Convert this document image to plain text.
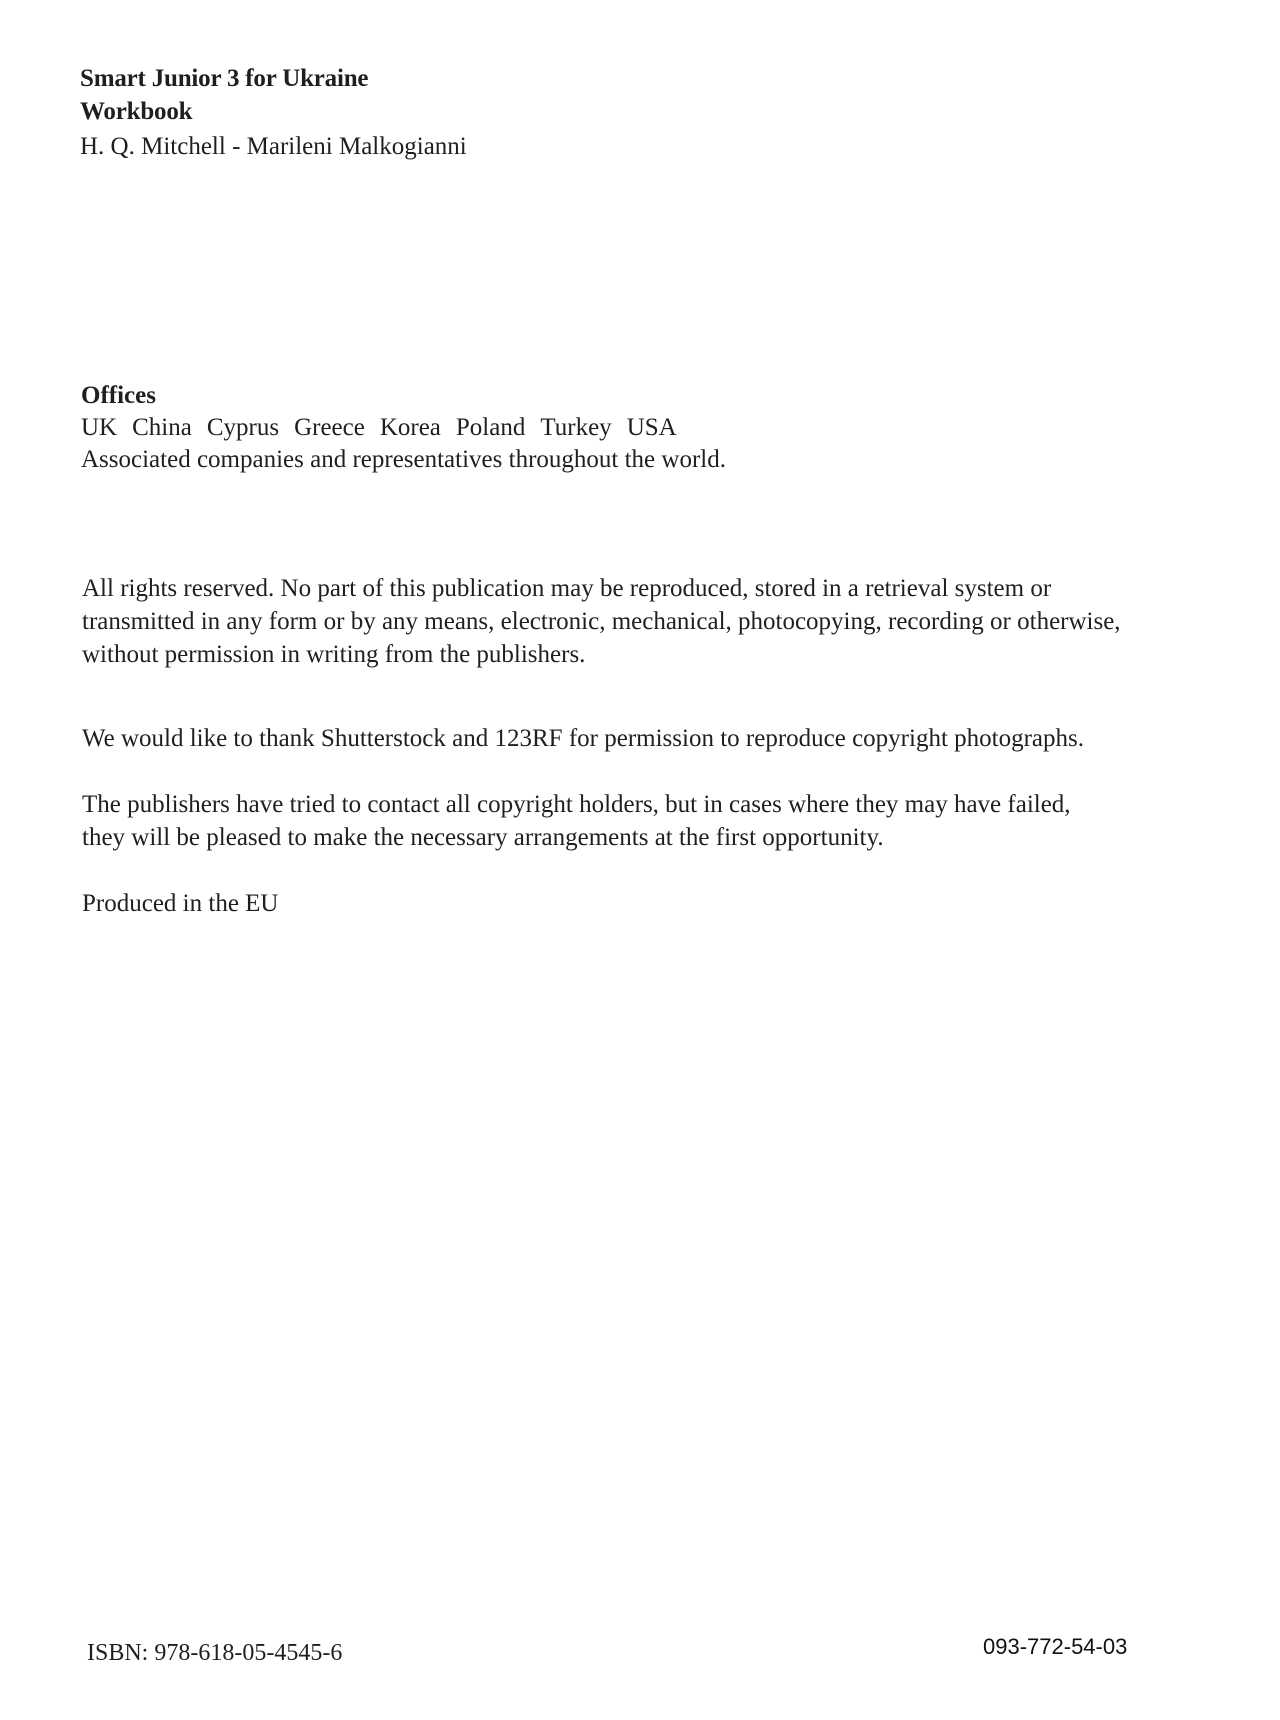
Smart Junior 3 for Ukraine
Workbook
H. Q. Mitchell - Marileni Malkogianni
Offices
UK China Cyprus Greece Korea Poland Turkey USA
Associated companies and representatives throughout the world.
All rights reserved. No part of this publication may be reproduced, stored in a retrieval system or
transmitted in any form or by any means, electronic, mechanical, photocopying, recording or otherwise,
without permission in writing from the publishers.
We would like to thank Shutterstock and 123RF for permission to reproduce copyright photographs.
The publishers have tried to contact all copyright holders, but in cases where they may have failed,
they will be pleased to make the necessary arrangements at the first opportunity.
Produced in the EU
ISBN: 978-618-05-4545-6	093-772-54-03
